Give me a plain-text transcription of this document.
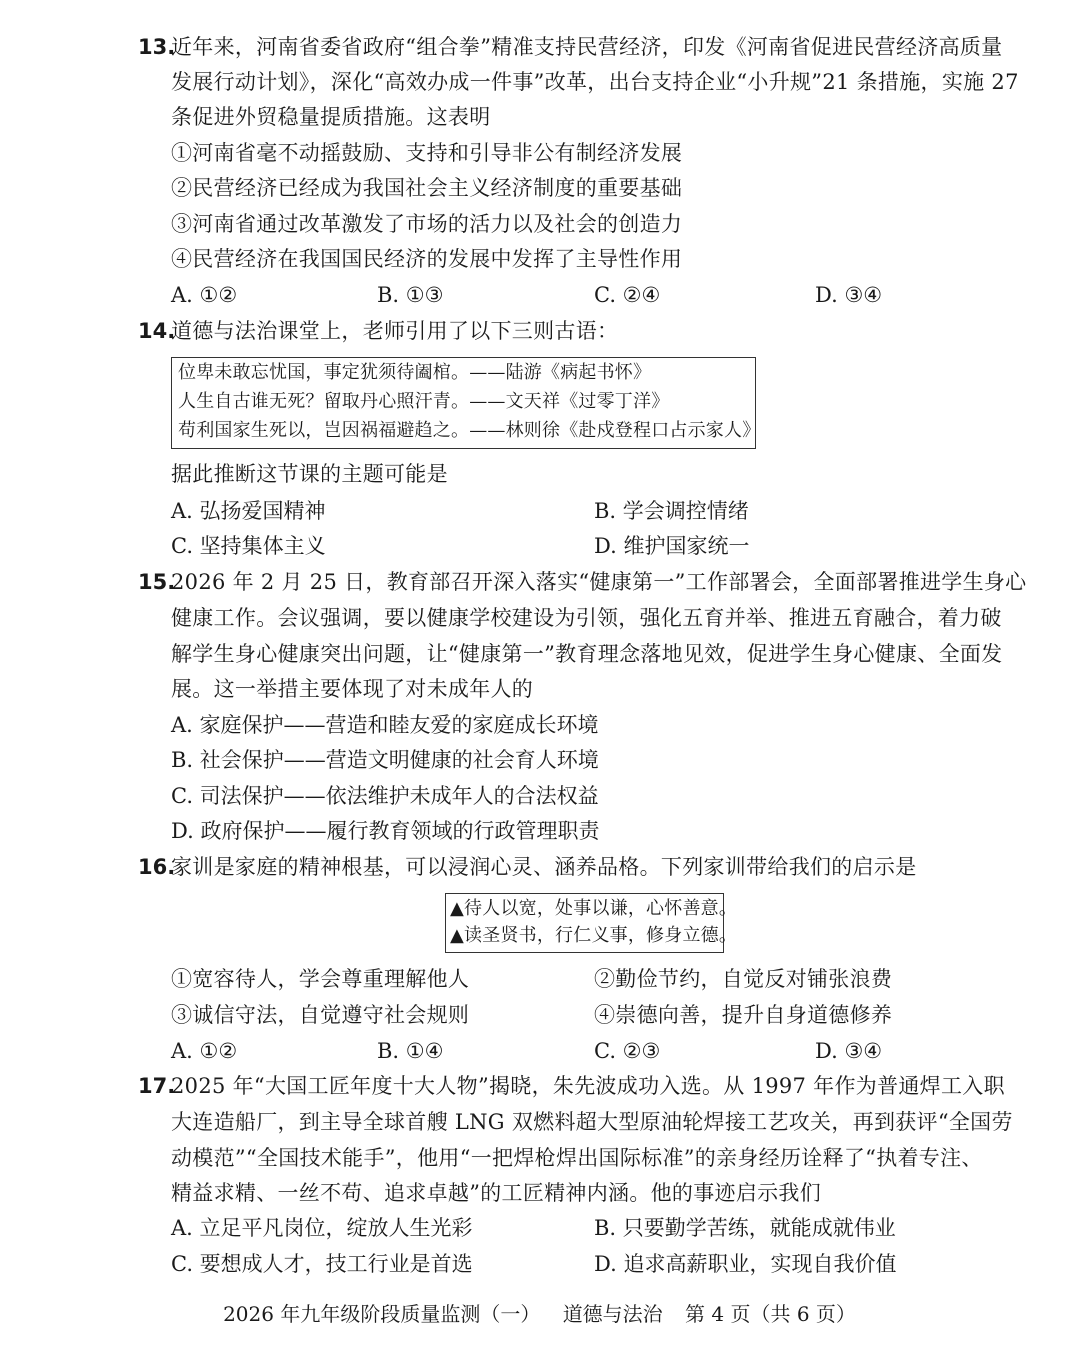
13.
近年来，河南省委省政府“组合拳”精准支持民营经济，印发《河南省促进民营经济高质量
发展行动计划》，深化“高效办成一件事”改革，出台支持企业“小升规”21 条措施，实施 27
条促进外贸稳量提质措施。这表明
①河南省毫不动摇鼓励、支持和引导非公有制经济发展
②民营经济已经成为我国社会主义经济制度的重要基础
③河南省通过改革激发了市场的活力以及社会的创造力
④民营经济在我国国民经济的发展中发挥了主导性作用
A. ①②	B. ①③	C. ②④	D. ③④
14.
道德与法治课堂上，老师引用了以下三则古语：
位卑未敢忘忧国，事定犹须待阖棺。——陆游《病起书怀》
人生自古谁无死？留取丹心照汗青。——文天祥《过零丁洋》
苟利国家生死以，岂因祸福避趋之。——林则徐《赴戍登程口占示家人》
据此推断这节课的主题可能是
A. 弘扬爱国精神	B. 学会调控情绪
C. 坚持集体主义	D. 维护国家统一
15.
2026 年 2 月 25 日，教育部召开深入落实“健康第一”工作部署会，全面部署推进学生身心
健康工作。会议强调，要以健康学校建设为引领，强化五育并举、推进五育融合，着力破
解学生身心健康突出问题，让“健康第一”教育理念落地见效，促进学生身心健康、全面发
展。这一举措主要体现了对未成年人的
A. 家庭保护——营造和睦友爱的家庭成长环境
B. 社会保护——营造文明健康的社会育人环境
C. 司法保护——依法维护未成年人的合法权益
D. 政府保护——履行教育领域的行政管理职责
16.
家训是家庭的精神根基，可以浸润心灵、涵养品格。下列家训带给我们的启示是
▲待人以宽，处事以谦，心怀善意。
▲读圣贤书，行仁义事，修身立德。
①宽容待人，学会尊重理解他人	②勤俭节约，自觉反对铺张浪费
③诚信守法，自觉遵守社会规则	④崇德向善，提升自身道德修养
A. ①②	B. ①④	C. ②③	D. ③④
17.
2025 年“大国工匠年度十大人物”揭晓，朱先波成功入选。从 1997 年作为普通焊工入职
大连造船厂，到主导全球首艘 LNG 双燃料超大型原油轮焊接工艺攻关，再到获评“全国劳
动模范”“全国技术能手”，他用“一把焊枪焊出国际标准”的亲身经历诠释了“执着专注、
精益求精、一丝不苟、追求卓越”的工匠精神内涵。他的事迹启示我们
A. 立足平凡岗位，绽放人生光彩	B. 只要勤学苦练，就能成就伟业
C. 要想成人才，技工行业是首选	D. 追求高薪职业，实现自我价值
2026 年九年级阶段质量监测（一） 道德与法治 第 4 页（共 6 页）
